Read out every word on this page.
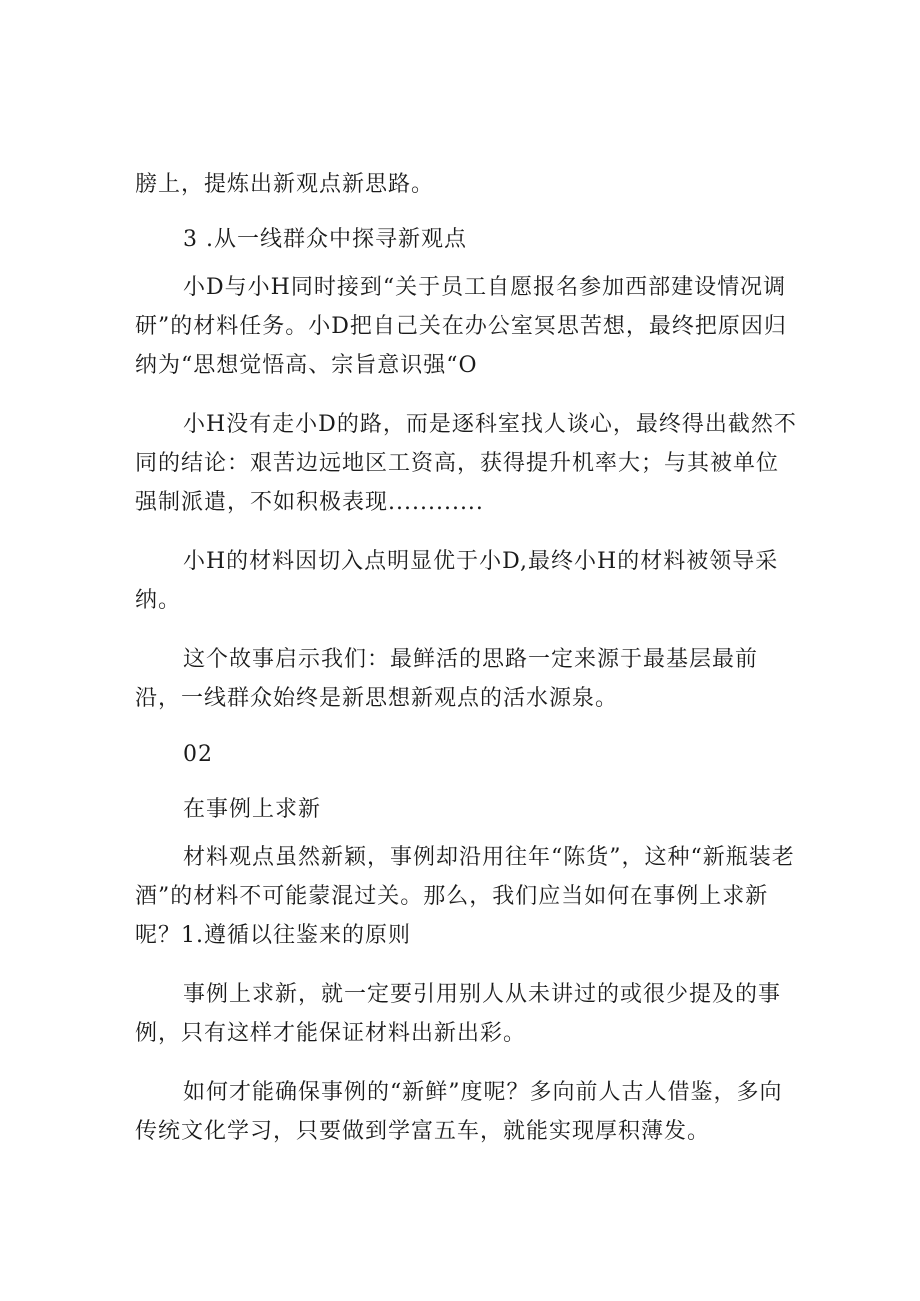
膀上，提炼出新观点新思路。

3 .从一线群众中探寻新观点

小D与小H同时接到“关于员工自愿报名参加西部建设情况调研”的材料任务。小D把自己关在办公室冥思苦想，最终把原因归纳为“思想觉悟高、宗旨意识强“O

小H没有走小D的路，而是逐科室找人谈心，最终得出截然不同的结论：艰苦边远地区工资高，获得提升机率大；与其被单位强制派遣，不如积极表现............

小H的材料因切入点明显优于小D,最终小H的材料被领导采纳。

这个故事启示我们：最鲜活的思路一定来源于最基层最前沿，一线群众始终是新思想新观点的活水源泉。

02

在事例上求新

材料观点虽然新颖，事例却沿用往年“陈货”，这种“新瓶装老酒”的材料不可能蒙混过关。那么，我们应当如何在事例上求新呢？1.遵循以往鉴来的原则

事例上求新，就一定要引用别人从未讲过的或很少提及的事例，只有这样才能保证材料出新出彩。

如何才能确保事例的“新鲜”度呢？多向前人古人借鉴，多向传统文化学习，只要做到学富五车，就能实现厚积薄发。
